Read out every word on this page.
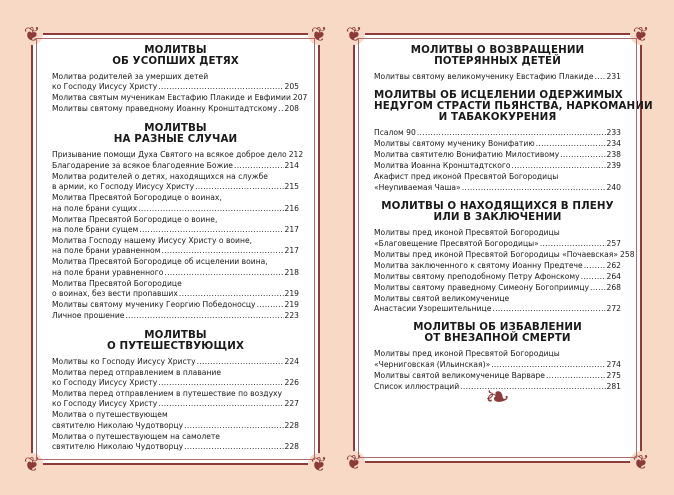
❦	❦
❦	❦
МОЛИТВЫ
ОБ УСОПШИХ ДЕТЯХ
Молитва родителей за умерших детей
ко Господу Иисусу Христу .....	205
Молитва святым мученикам Евстафию Плакиде и Евфимии 207
Молитвы святому праведному Иоанну Кронштадтскому ..... 208
МОЛИТВЫ
НА РАЗНЫЕ СЛУЧАИ
Призывание помощи Духа Святого на всякое доброе дело 212
Благодарение за всякое благодеяние Божие .....	214
Молитва родителей о детях, находящихся на службе
в армии, ко Господу Иисусу Христу .....	215
Молитва Пресвятой Богородице о воинах,
на поле брани сущих .....	216
Молитва Пресвятой Богородице о воине,
на поле брани сущем .....	217
Молитва Господу нашему Иисусу Христу о воине,
на поле брани уравненном .....	217
Молитва Пресвятой Богородице об исцелении воина,
на поле брани уравненного .....	218
Молитва Пресвятой Богородице
о воинах, без вести пропавших .....	219
Молитвы святому мученику Георгию Победоносцу .....	219
Личное прошение .....	223
МОЛИТВЫ
О ПУТЕШЕСТВУЮЩИХ
Молитвы ко Господу Иисусу Христу .....	224
Молитва перед отправлением в плавание
ко Господу Иисусу Христу .....	226
Молитва перед отправлением в путешествие по воздуху
ко Господу Иисусу Христу .....	227
Молитва о путешествующем
святителю Николаю Чудотворцу .....	228
Молитва о путешествующем на самолете
святителю Николаю Чудотворцу .....	228
❦	❦
❦	❦
МОЛИТВЫ О ВОЗВРАЩЕНИИ
ПОТЕРЯННЫХ ДЕТЕЙ
Молитвы святому великомученику Евстафию Плакиде ..... 231
МОЛИТВЫ ОБ ИСЦЕЛЕНИИ ОДЕРЖИМЫХ
НЕДУГОМ СТРАСТИ ПЬЯНСТВА, НАРКОМАНИИ
И ТАБАКОКУРЕНИЯ
Псалом 90 .....	233
Молитвы святому мученику Вонифатию .....	234
Молитва святителю Вонифатию Милостивому .....	238
Молитва Иоанна Кронштадтского .....	239
Акафист пред иконой Пресвятой Богородицы
«Неупиваемая Чаша» .....	240
МОЛИТВЫ О НАХОДЯЩИХСЯ В ПЛЕНУ
ИЛИ В ЗАКЛЮЧЕНИИ
Молитвы пред иконой Пресвятой Богородицы
«Благовещение Пресвятой Богородицы» .....	257
Молитвы пред иконой Пресвятой Богородицы «Почаевская» 258
Молитва заключенного к святому Иоанну Предтече .....	262
Молитвы святому преподобному Петру Афонскому .....	264
Молитвы святому праведному Симеону Богоприимцу ..... 268
Молитвы святой великомученице
Анастасии Узорешительнице .....	272
МОЛИТВЫ ОБ ИЗБАВЛЕНИИ
ОТ ВНЕЗАПНОЙ СМЕРТИ
Молитвы пред иконой Пресвятой Богородицы
«Черниговская (Ильинская)» .....	274
Молитвы святой великомученице Варваре .....	275
Список иллюстраций .....	281
❧
